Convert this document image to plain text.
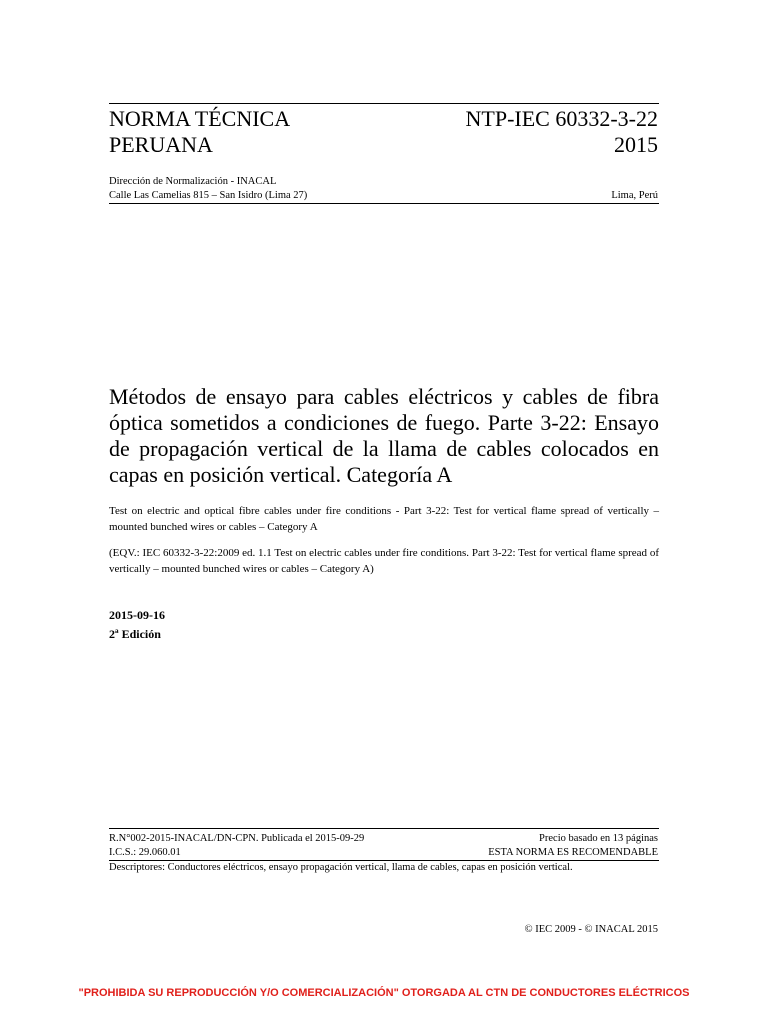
NORMA TÉCNICA
PERUANA
NTP-IEC 60332-3-22
2015
Dirección de Normalización - INACAL
Calle Las Camelias 815 – San Isidro (Lima 27)	Lima, Perú
Métodos de ensayo para cables eléctricos y cables de fibra óptica sometidos a condiciones de fuego. Parte 3-22: Ensayo de propagación vertical de la llama de cables colocados en capas en posición vertical. Categoría A
Test on electric and optical fibre cables under fire conditions - Part 3-22: Test for vertical flame spread of vertically – mounted bunched wires or cables – Category A
(EQV.: IEC 60332-3-22:2009 ed. 1.1 Test on electric cables under fire conditions. Part 3-22: Test for vertical flame spread of vertically – mounted bunched wires or cables – Category A)
2015-09-16
2ª Edición
R.N°002-2015-INACAL/DN-CPN. Publicada el 2015-09-29	Precio basado en 13 páginas
I.C.S.: 29.060.01	ESTA NORMA ES RECOMENDABLE
Descriptores: Conductores eléctricos, ensayo propagación vertical, llama de cables, capas en posición vertical.
© IEC 2009 - © INACAL 2015
"PROHIBIDA SU REPRODUCCIÓN Y/O COMERCIALIZACIÓN" OTORGADA AL CTN DE CONDUCTORES ELÉCTRICOS
